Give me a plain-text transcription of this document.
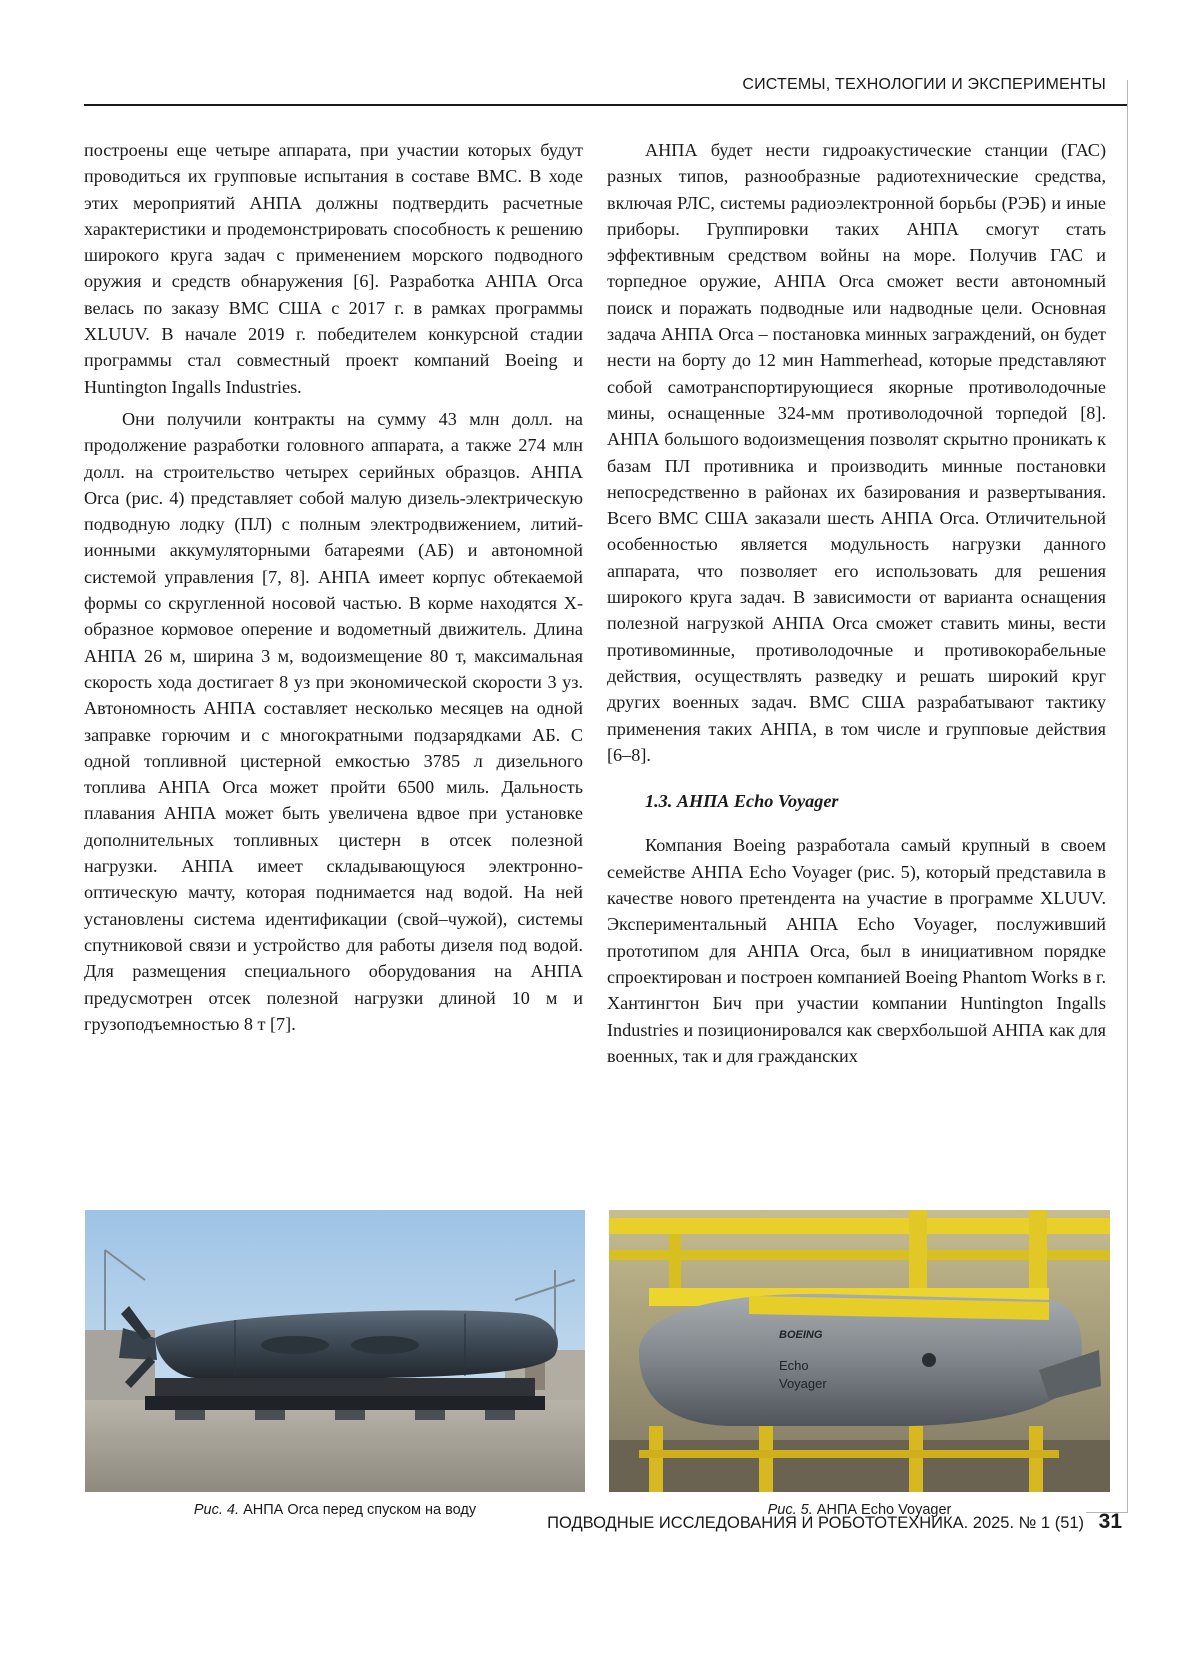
СИСТЕМЫ, ТЕХНОЛОГИИ И ЭКСПЕРИМЕНТЫ

построены еще четыре аппарата, при участии которых будут проводиться их групповые испытания в составе ВМС. В ходе этих мероприятий АНПА должны подтвердить расчетные характеристики и продемонстрировать способность к решению широкого круга задач с применением морского подводного оружия и средств обнаружения [6]. Разработка АНПА Orca велась по заказу ВМС США с 2017 г. в рамках программы XLUUV. В начале 2019 г. победителем конкурсной стадии программы стал совместный проект компаний Boeing и Huntington Ingalls Industries.

Они получили контракты на сумму 43 млн долл. на продолжение разработки головного аппарата, а также 274 млн долл. на строительство четырех серийных образцов. АНПА Orca (рис. 4) представляет собой малую дизель-электрическую подводную лодку (ПЛ) с полным электродвижением, литий-ионными аккумуляторными батареями (АБ) и автономной системой управления [7, 8]. АНПА имеет корпус обтекаемой формы со скругленной носовой частью. В корме находятся Х-образное кормовое оперение и водометный движитель. Длина АНПА 26 м, ширина 3 м, водоизмещение 80 т, максимальная скорость хода достигает 8 уз при экономической скорости 3 уз. Автономность АНПА составляет несколько месяцев на одной заправке горючим и с многократными подзарядками АБ. С одной топливной цистерной емкостью 3785 л дизельного топлива АНПА Orca может пройти 6500 миль. Дальность плавания АНПА может быть увеличена вдвое при установке дополнительных топливных цистерн в отсек полезной нагрузки. АНПА имеет складывающуюся электронно-оптическую мачту, которая поднимается над водой. На ней установлены система идентификации (свой–чужой), системы спутниковой связи и устройство для работы дизеля под водой. Для размещения специального оборудования на АНПА предусмотрен отсек полезной нагрузки длиной 10 м и грузоподъемностью 8 т [7].

АНПА будет нести гидроакустические станции (ГАС) разных типов, разнообразные радиотехнические средства, включая РЛС, системы радиоэлектронной борьбы (РЭБ) и иные приборы. Группировки таких АНПА смогут стать эффективным средством войны на море. Получив ГАС и торпедное оружие, АНПА Orca сможет вести автономный поиск и поражать подводные или надводные цели. Основная задача АНПА Orca – постановка минных заграждений, он будет нести на борту до 12 мин Hammerhead, которые представляют собой самотранспортирующиеся якорные противолодочные мины, оснащенные 324-мм противолодочной торпедой [8]. АНПА большого водоизмещения позволят скрытно проникать к базам ПЛ противника и производить минные постановки непосредственно в районах их базирования и развертывания. Всего ВМС США заказали шесть АНПА Orca. Отличительной особенностью является модульность нагрузки данного аппарата, что позволяет его использовать для решения широкого круга задач. В зависимости от варианта оснащения полезной нагрузкой АНПА Orca сможет ставить мины, вести противоминные, противолодочные и противокорабельные действия, осуществлять разведку и решать широкий круг других военных задач. ВМС США разрабатывают тактику применения таких АНПА, в том числе и групповые действия [6–8].

1.3. АНПА Echo Voyager

Компания Boeing разработала самый крупный в своем семействе АНПА Echo Voyager (рис. 5), который представила в качестве нового претендента на участие в программе XLUUV. Экспериментальный АНПА Echo Voyager, послуживший прототипом для АНПА Orca, был в инициативном порядке спроектирован и построен компанией Boeing Phantom Works в г. Хантингтон Бич при участии компании Huntington Ingalls Industries и позиционировался как сверхбольшой АНПА как для военных, так и для гражданских

Рис. 4. АНПА Orca перед спуском на воду
BOEING
Echo
Voyager
Рис. 5. АНПА Echo Voyager
ПОДВОДНЫЕ ИССЛЕДОВАНИЯ И РОБОТОТЕХНИКА. 2025. № 1 (51) 31
